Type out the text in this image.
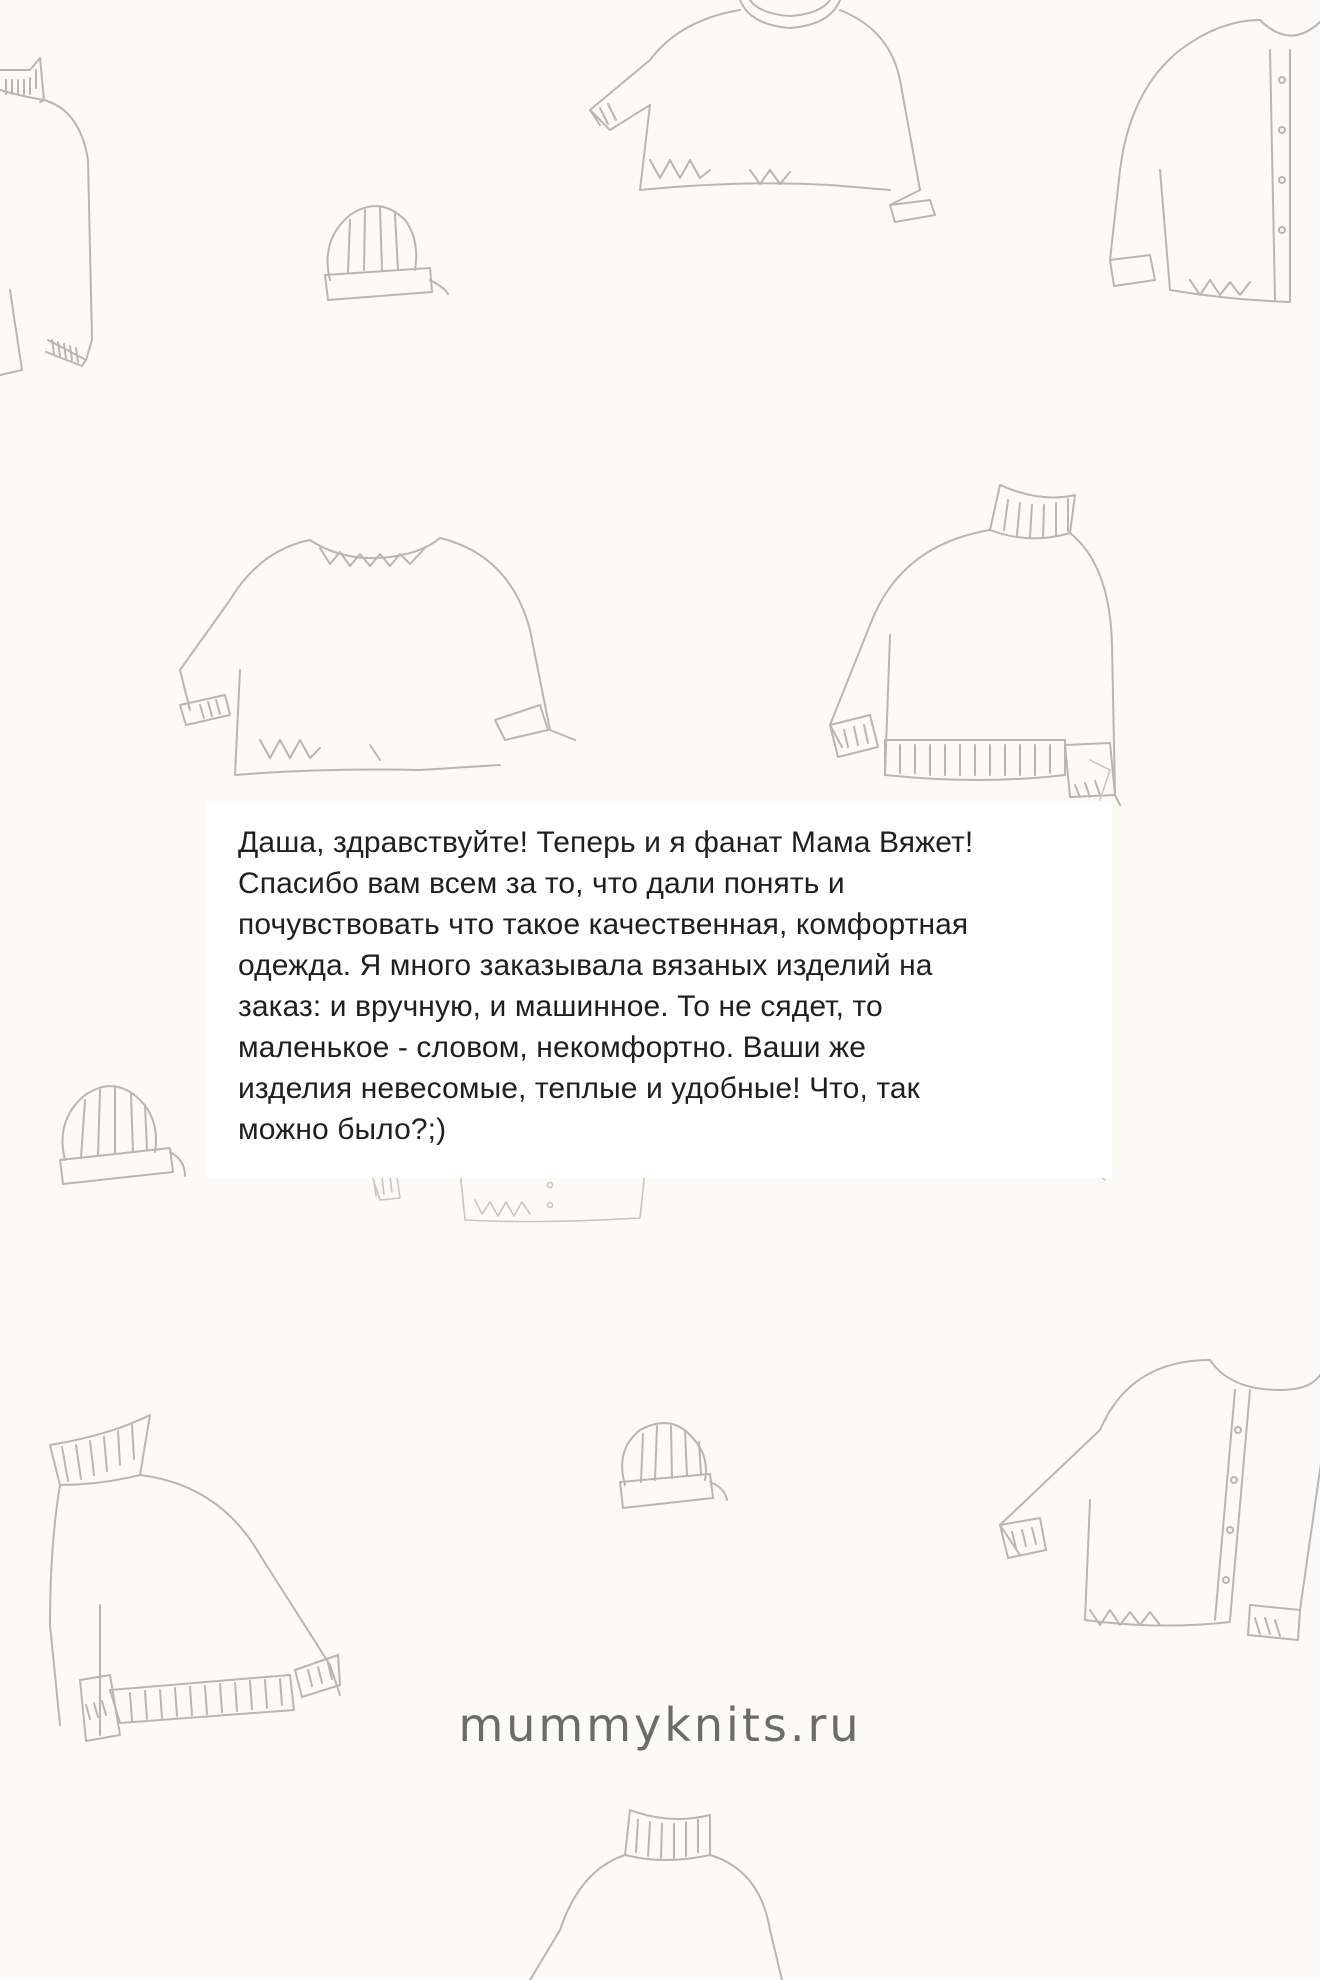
Даша, здравствуйте! Теперь и я фанат Мама Вяжет!
Спасибо вам всем за то, что дали понять и
почувствовать что такое качественная, комфортная
одежда. Я много заказывала вязаных изделий на
заказ: и вручную, и машинное. То не сядет, то
маленькое - словом, некомфортно. Ваши же
изделия невесомые, теплые и удобные! Что, так
можно было?;)

mummyknits.ru
